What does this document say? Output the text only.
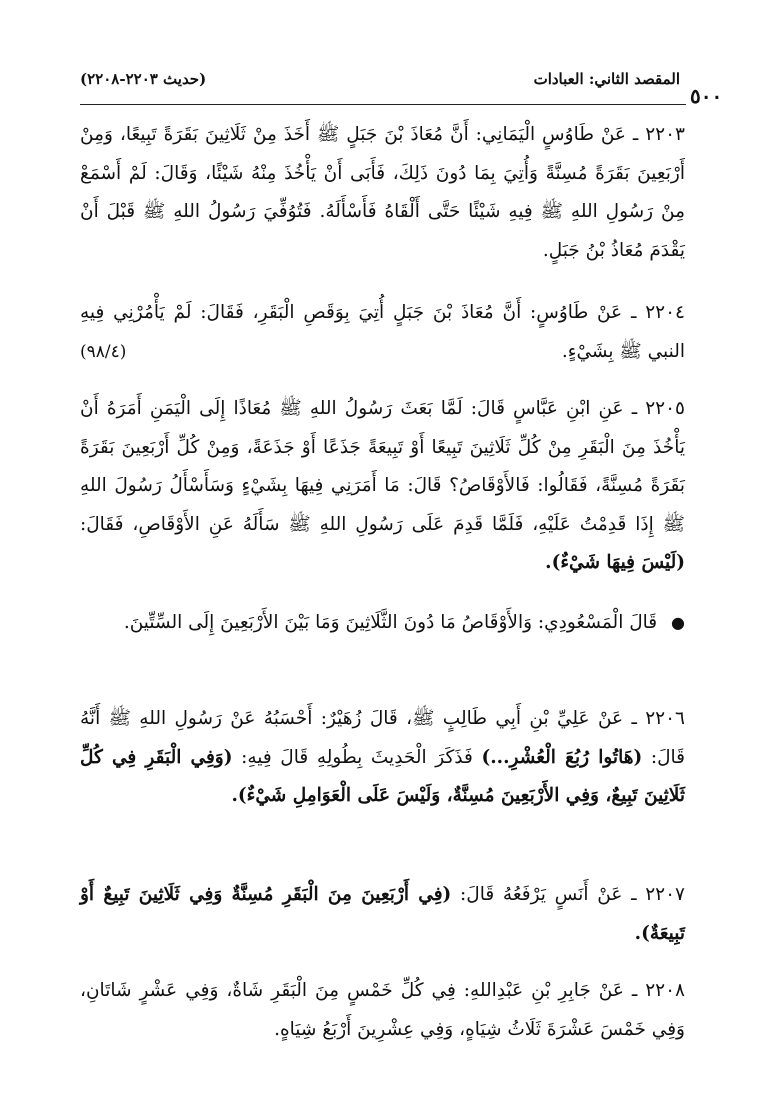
المقصد الثاني: العبادات
(حديث ٢٢٠٣-٢٢٠٨)
٥٠٠

٢٢٠٣ ـ عَنْ طَاوُسٍ الْيَمَانِي: أَنَّ مُعَاذَ بْنَ جَبَلٍ ﷺ أَخَذَ مِنْ ثَلَاثِينَ بَقَرَةً تَبِيعًا، وَمِنْ أَرْبَعِينَ بَقَرَةً مُسِنَّةً وَأُتِيَ بِمَا دُونَ ذَلِكَ، فَأَبَى أَنْ يَأْخُذَ مِنْهُ شَيْئًا، وَقَالَ: لَمْ أَسْمَعْ مِنْ رَسُولِ اللهِ ﷺ فِيهِ شَيْئًا حَتَّى أَلْقَاهُ فَأَسْأَلَهُ. فَتُوُفِّيَ رَسُولُ اللهِ ﷺ قَبْلَ أَنْ يَقْدَمَ مُعَاذُ بْنُ جَبَلٍ.

٢٢٠٤ ـ عَنْ طَاوُسٍ: أَنَّ مُعَاذَ بْنَ جَبَلٍ أُتِيَ بِوَقَصِ الْبَقَرِ، فَقَالَ: لَمْ يَأْمُرْنِي فِيهِ النبي ﷺ بِشَيْءٍ.
(٩٨/٤)

٢٢٠٥ ـ عَنِ ابْنِ عَبَّاسٍ قَالَ: لَمَّا بَعَثَ رَسُولُ اللهِ ﷺ مُعَاذًا إِلَى الْيَمَنِ أَمَرَهُ أَنْ يَأْخُذَ مِنَ الْبَقَرِ مِنْ كُلِّ ثَلَاثِينَ تَبِيعًا أَوْ تَبِيعَةً جَذَعًا أَوْ جَذَعَةً، وَمِنْ كُلِّ أَرْبَعِينَ بَقَرَةً بَقَرَةً مُسِنَّةً، فَقَالُوا: فَالأَوْقَاصُ؟ قَالَ: مَا أَمَرَنِي فِيهَا بِشَيْءٍ وَسَأَسْأَلُ رَسُولَ اللهِ ﷺ إِذَا قَدِمْتُ عَلَيْهِ، فَلَمَّا قَدِمَ عَلَى رَسُولِ اللهِ ﷺ سَأَلَهُ عَنِ الأَوْقَاصِ، فَقَالَ: (لَيْسَ فِيهَا شَيْءٌ).

● قَالَ الْمَسْعُودِي: وَالأَوْقَاصُ مَا دُونَ الثَّلَاثِينَ وَمَا بَيْنَ الأَرْبَعِينَ إِلَى السِّتِّينَ.

٢٢٠٦ ـ عَنْ عَلِيِّ بْنِ أَبِي طَالِبٍ ﷺ، قَالَ زُهَيْرٌ: أَحْسَبُهُ عَنْ رَسُولِ اللهِ ﷺ أَنَّهُ قَالَ: (هَاتُوا رُبُعَ الْعُشْرِ...) فَذَكَرَ الْحَدِيثَ بِطُولِهِ قَالَ فِيهِ: (وَفِي الْبَقَرِ فِي كُلِّ ثَلَاثِينَ تَبِيعٌ، وَفِي الأَرْبَعِينَ مُسِنَّةٌ، وَلَيْسَ عَلَى الْعَوَامِلِ شَيْءٌ).

٢٢٠٧ ـ عَنْ أَنَسٍ يَرْفَعُهُ قَالَ: (فِي أَرْبَعِينَ مِنَ الْبَقَرِ مُسِنَّةٌ وَفِي ثَلَاثِينَ تَبِيعٌ أَوْ تَبِيعَةٌ).

٢٢٠٨ ـ عَنْ جَابِرِ بْنِ عَبْدِاللهِ: فِي كُلِّ خَمْسٍ مِنَ الْبَقَرِ شَاةٌ، وَفِي عَشْرٍ شَاتَانِ، وَفِي خَمْسَ عَشْرَةَ ثَلَاثُ شِيَاهٍ، وَفِي عِشْرِينَ أَرْبَعُ شِيَاهٍ.
